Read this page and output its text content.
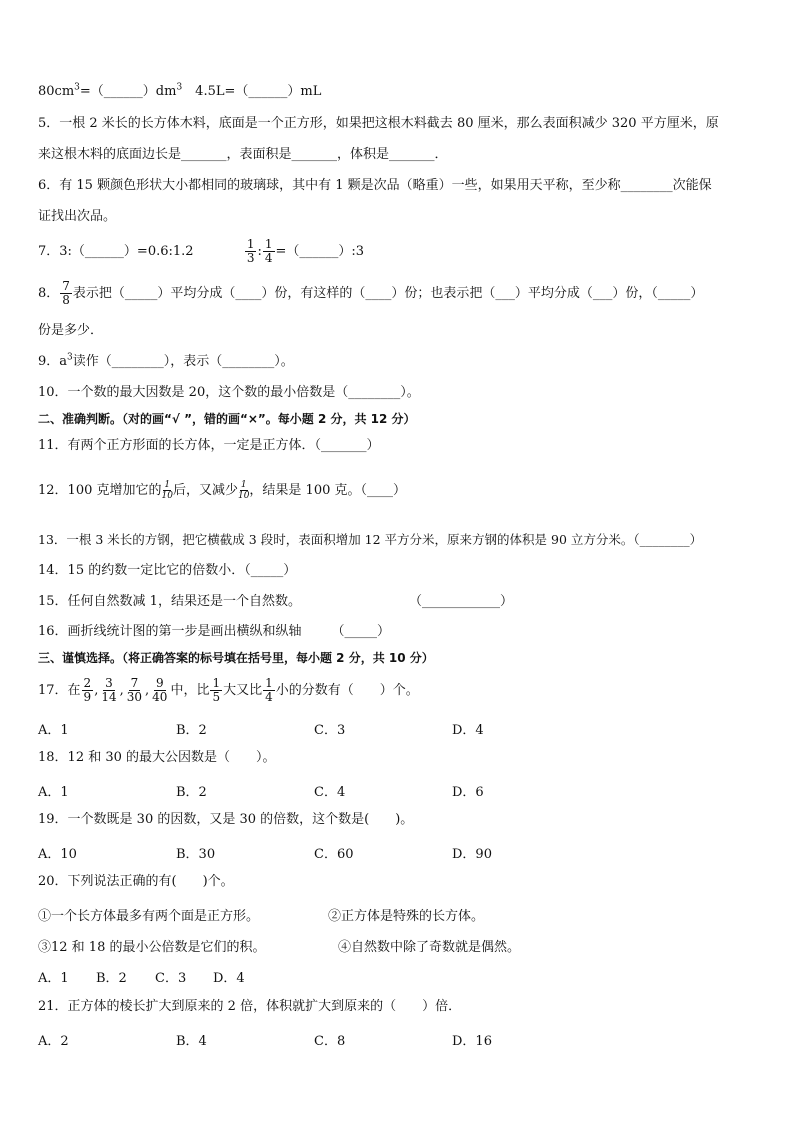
$80cm^3=(\_\_\_\_\_\_)dm^3$　4.5L=（______）mL
5．一根 2 米长的长方体木料，底面是一个正方形，如果把这根木料截去 80 厘米，那么表面积减少 320 平方厘米，原
来这根木料的底面边长是_______，表面积是_______，体积是_______．
6．有 15 颗颜色形状大小都相同的玻璃球，其中有 1 颗是次品（略重）一些，如果用天平称，至少称________次能保
证找出次品。
7．3:（______）=0.6:1.2	$\frac{1}{3}$ : $\frac{1}{4}$ =（______）:3
8． $\frac{7}{8}$ 表示把（_____）平均分成（____）份，有这样的（____）份；也表示把（___）平均分成（___）份，（_____）
份是多少．
9．$a^3$读作（________），表示（________）。
10．一个数的最大因数是 20，这个数的最小倍数是（________）。
二、准确判断。（对的画“√ ”，错的画“×”。每小题 2 分，共 12 分）
11．有两个正方形面的长方体，一定是正方体．（_______）
12．100 克增加它的 $\frac{1}{10}$ 后，又减少 $\frac{1}{10}$ ，结果是 100 克。（____）
13．一根 3 米长的方钢，把它横截成 3 段时，表面积增加 12 平方分米，原来方钢的体积是 90 立方分米。（________）
14．15 的约数一定比它的倍数小．（_____）
15．任何自然数减 1，结果还是一个自然数。	（____________）
16．画折线统计图的第一步是画出横纵和纵轴 （_____）
三、谨慎选择。（将正确答案的标号填在括号里，每小题 2 分，共 10 分）
17．在 $\frac{2}{9}$ , $\frac{3}{14}$ , $\frac{7}{30}$ , $\frac{9}{40}$ 中，比 $\frac{1}{5}$ 大又比 $\frac{1}{4}$ 小的分数有（　　）个。
A．1	B．2	C．3	D．4
18．12 和 30 的最大公因数是（　　）。
A．1	B．2	C．4	D．6
19．一个数既是 30 的因数，又是 30 的倍数，这个数是(　　)。
A．10	B．30	C．60	D．90
20．下列说法正确的有(　　)个。
①一个长方体最多有两个面是正方形。	②正方体是特殊的长方体。
③12 和 18 的最小公倍数是它们的积。	④自然数中除了奇数就是偶然。
A．1 B．2 C．3 D．4
21．正方体的棱长扩大到原来的 2 倍，体积就扩大到原来的（　　）倍．
A．2	B．4	C．8	D．16
